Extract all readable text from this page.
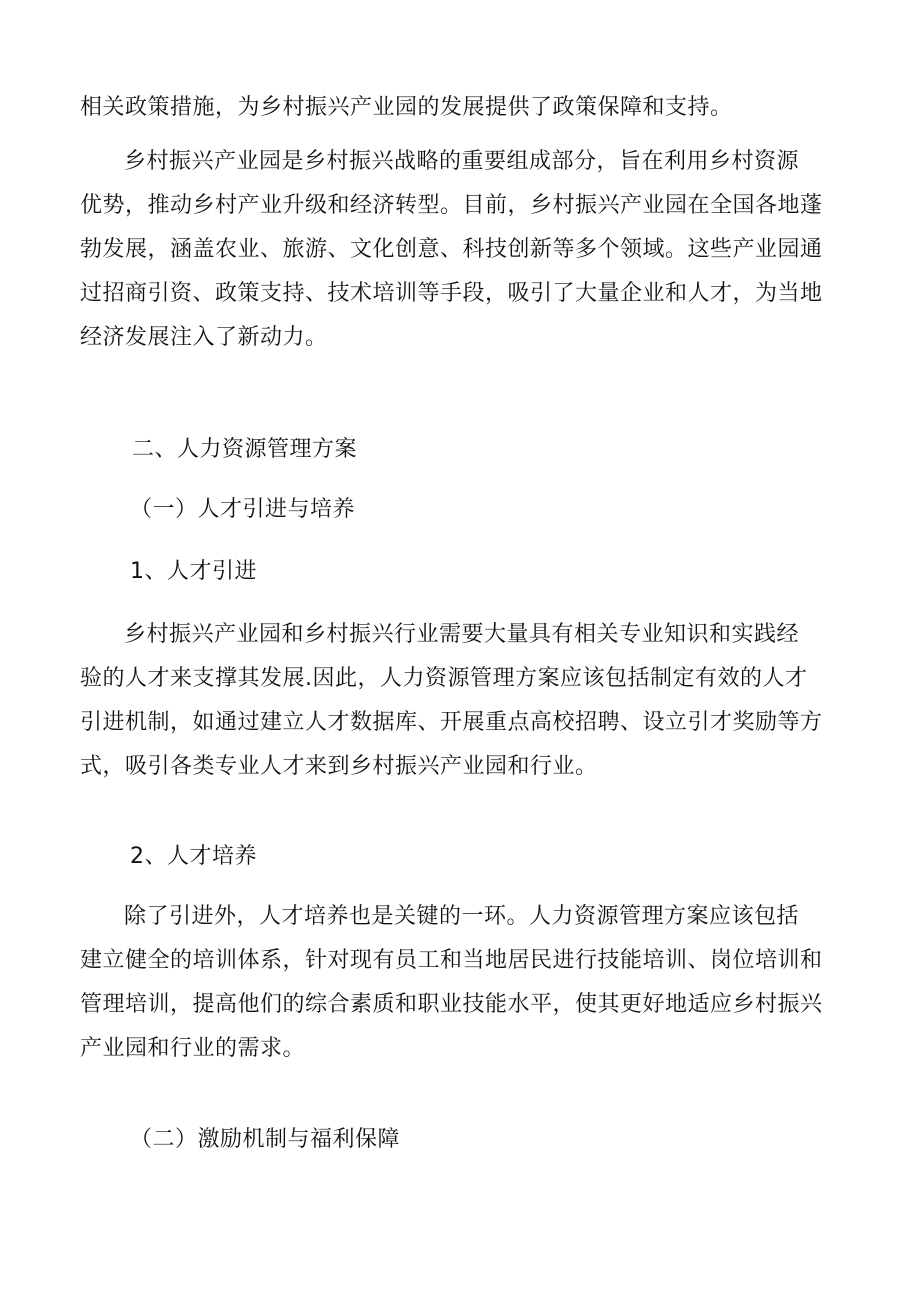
相关政策措施，为乡村振兴产业园的发展提供了政策保障和支持。
乡村振兴产业园是乡村振兴战略的重要组成部分，旨在利用乡村资源
优势，推动乡村产业升级和经济转型。目前，乡村振兴产业园在全国各地蓬
勃发展，涵盖农业、旅游、文化创意、科技创新等多个领域。这些产业园通
过招商引资、政策支持、技术培训等手段，吸引了大量企业和人才，为当地
经济发展注入了新动力。
二、人力资源管理方案
（一）人才引进与培养
1、人才引进
乡村振兴产业园和乡村振兴行业需要大量具有相关专业知识和实践经
验的人才来支撑其发展.因此，人力资源管理方案应该包括制定有效的人才
引进机制，如通过建立人才数据库、开展重点高校招聘、设立引才奖励等方
式，吸引各类专业人才来到乡村振兴产业园和行业。
2、人才培养
除了引进外，人才培养也是关键的一环。人力资源管理方案应该包括
建立健全的培训体系，针对现有员工和当地居民进行技能培训、岗位培训和
管理培训，提高他们的综合素质和职业技能水平，使其更好地适应乡村振兴
产业园和行业的需求。
（二）激励机制与福利保障
